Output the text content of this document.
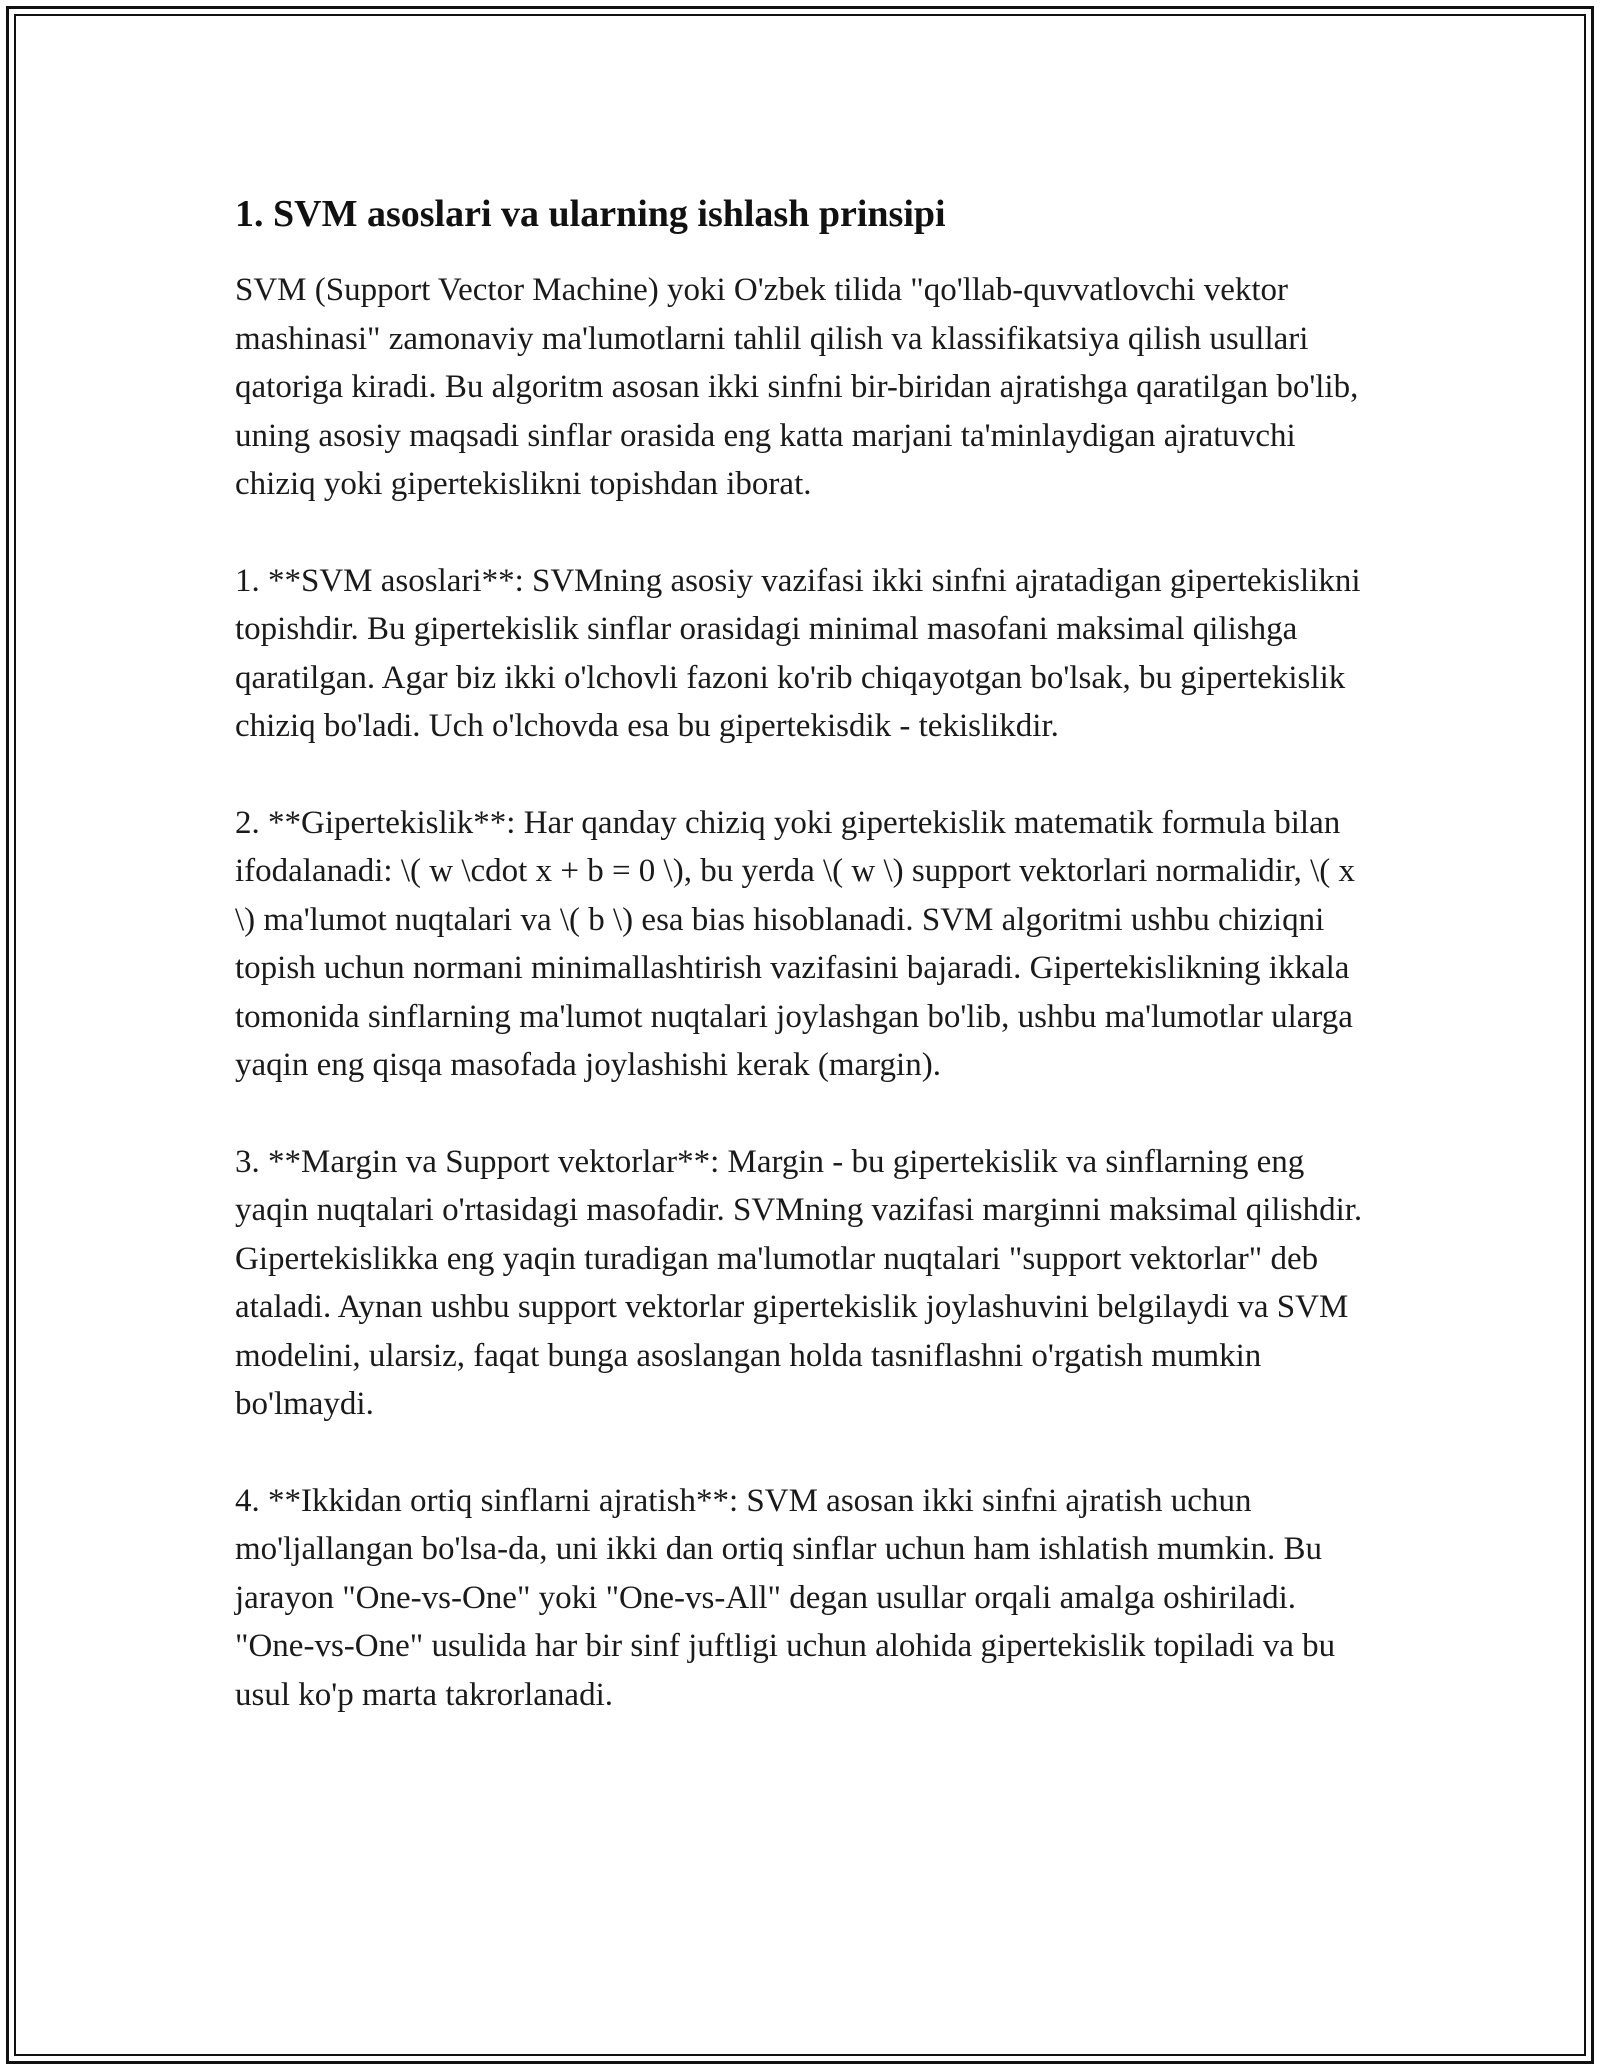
1. SVM asoslari va ularning ishlash prinsipi

SVM (Support Vector Machine) yoki O'zbek tilida "qo'llab-quvvatlovchi vektor mashinasi" zamonaviy ma'lumotlarni tahlil qilish va klassifikatsiya qilish usullari qatoriga kiradi. Bu algoritm asosan ikki sinfni bir-biridan ajratishga qaratilgan bo'lib, uning asosiy maqsadi sinflar orasida eng katta marjani ta'minlaydigan ajratuvchi chiziq yoki gipertekislikni topishdan iborat.

1. **SVM asoslari**: SVMning asosiy vazifasi ikki sinfni ajratadigan gipertekislikni topishdir. Bu gipertekislik sinflar orasidagi minimal masofani maksimal qilishga qaratilgan. Agar biz ikki o'lchovli fazoni ko'rib chiqayotgan bo'lsak, bu gipertekislik chiziq bo'ladi. Uch o'lchovda esa bu gipertekisdik - tekislikdir.

2. **Gipertekislik**: Har qanday chiziq yoki gipertekislik matematik formula bilan ifodalanadi: \( w \cdot x + b = 0 \), bu yerda \( w \) support vektorlari normalidir, \( x \) ma'lumot nuqtalari va \( b \) esa bias hisoblanadi. SVM algoritmi ushbu chiziqni topish uchun normani minimallashtirish vazifasini bajaradi. Gipertekislikning ikkala tomonida sinflarning ma'lumot nuqtalari joylashgan bo'lib, ushbu ma'lumotlar ularga yaqin eng qisqa masofada joylashishi kerak (margin).

3. **Margin va Support vektorlar**: Margin - bu gipertekislik va sinflarning eng yaqin nuqtalari o'rtasidagi masofadir. SVMning vazifasi marginni maksimal qilishdir. Gipertekislikka eng yaqin turadigan ma'lumotlar nuqtalari "support vektorlar" deb ataladi. Aynan ushbu support vektorlar gipertekislik joylashuvini belgilaydi va SVM modelini, ularsiz, faqat bunga asoslangan holda tasniflashni o'rgatish mumkin bo'lmaydi.

4. **Ikkidan ortiq sinflarni ajratish**: SVM asosan ikki sinfni ajratish uchun mo'ljallangan bo'lsa-da, uni ikki dan ortiq sinflar uchun ham ishlatish mumkin. Bu jarayon "One-vs-One" yoki "One-vs-All" degan usullar orqali amalga oshiriladi. "One-vs-One" usulida har bir sinf juftligi uchun alohida gipertekislik topiladi va bu usul ko'p marta takrorlanadi.
